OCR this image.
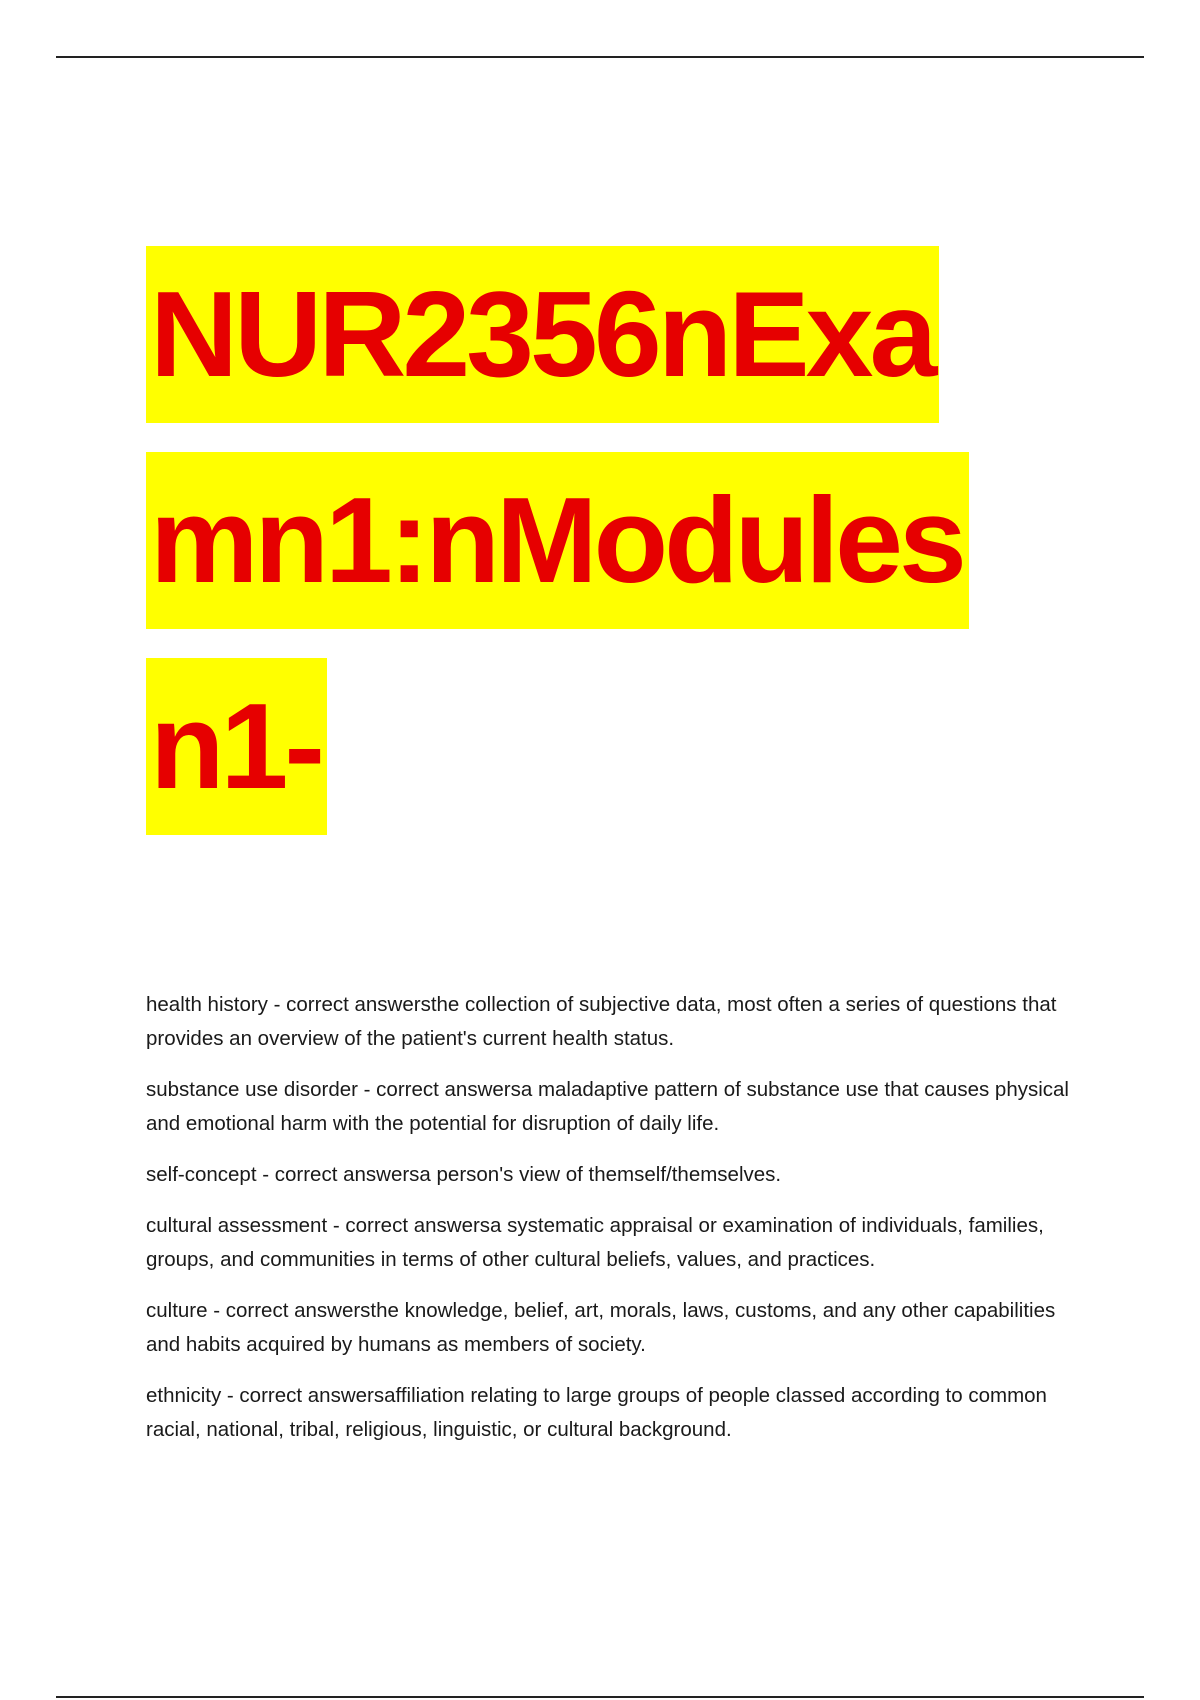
NUR2356nExa
mn1:nModules
n1-

health history - correct answersthe collection of subjective data, most often a series of questions that provides an overview of the patient's current health status.

substance use disorder - correct answersa maladaptive pattern of substance use that causes physical and emotional harm with the potential for disruption of daily life.

self-concept - correct answersa person's view of themself/themselves.

cultural assessment - correct answersa systematic appraisal or examination of individuals, families, groups, and communities in terms of other cultural beliefs, values, and practices.

culture - correct answersthe knowledge, belief, art, morals, laws, customs, and any other capabilities and habits acquired by humans as members of society.

ethnicity - correct answersaffiliation relating to large groups of people classed according to common racial, national, tribal, religious, linguistic, or cultural background.
